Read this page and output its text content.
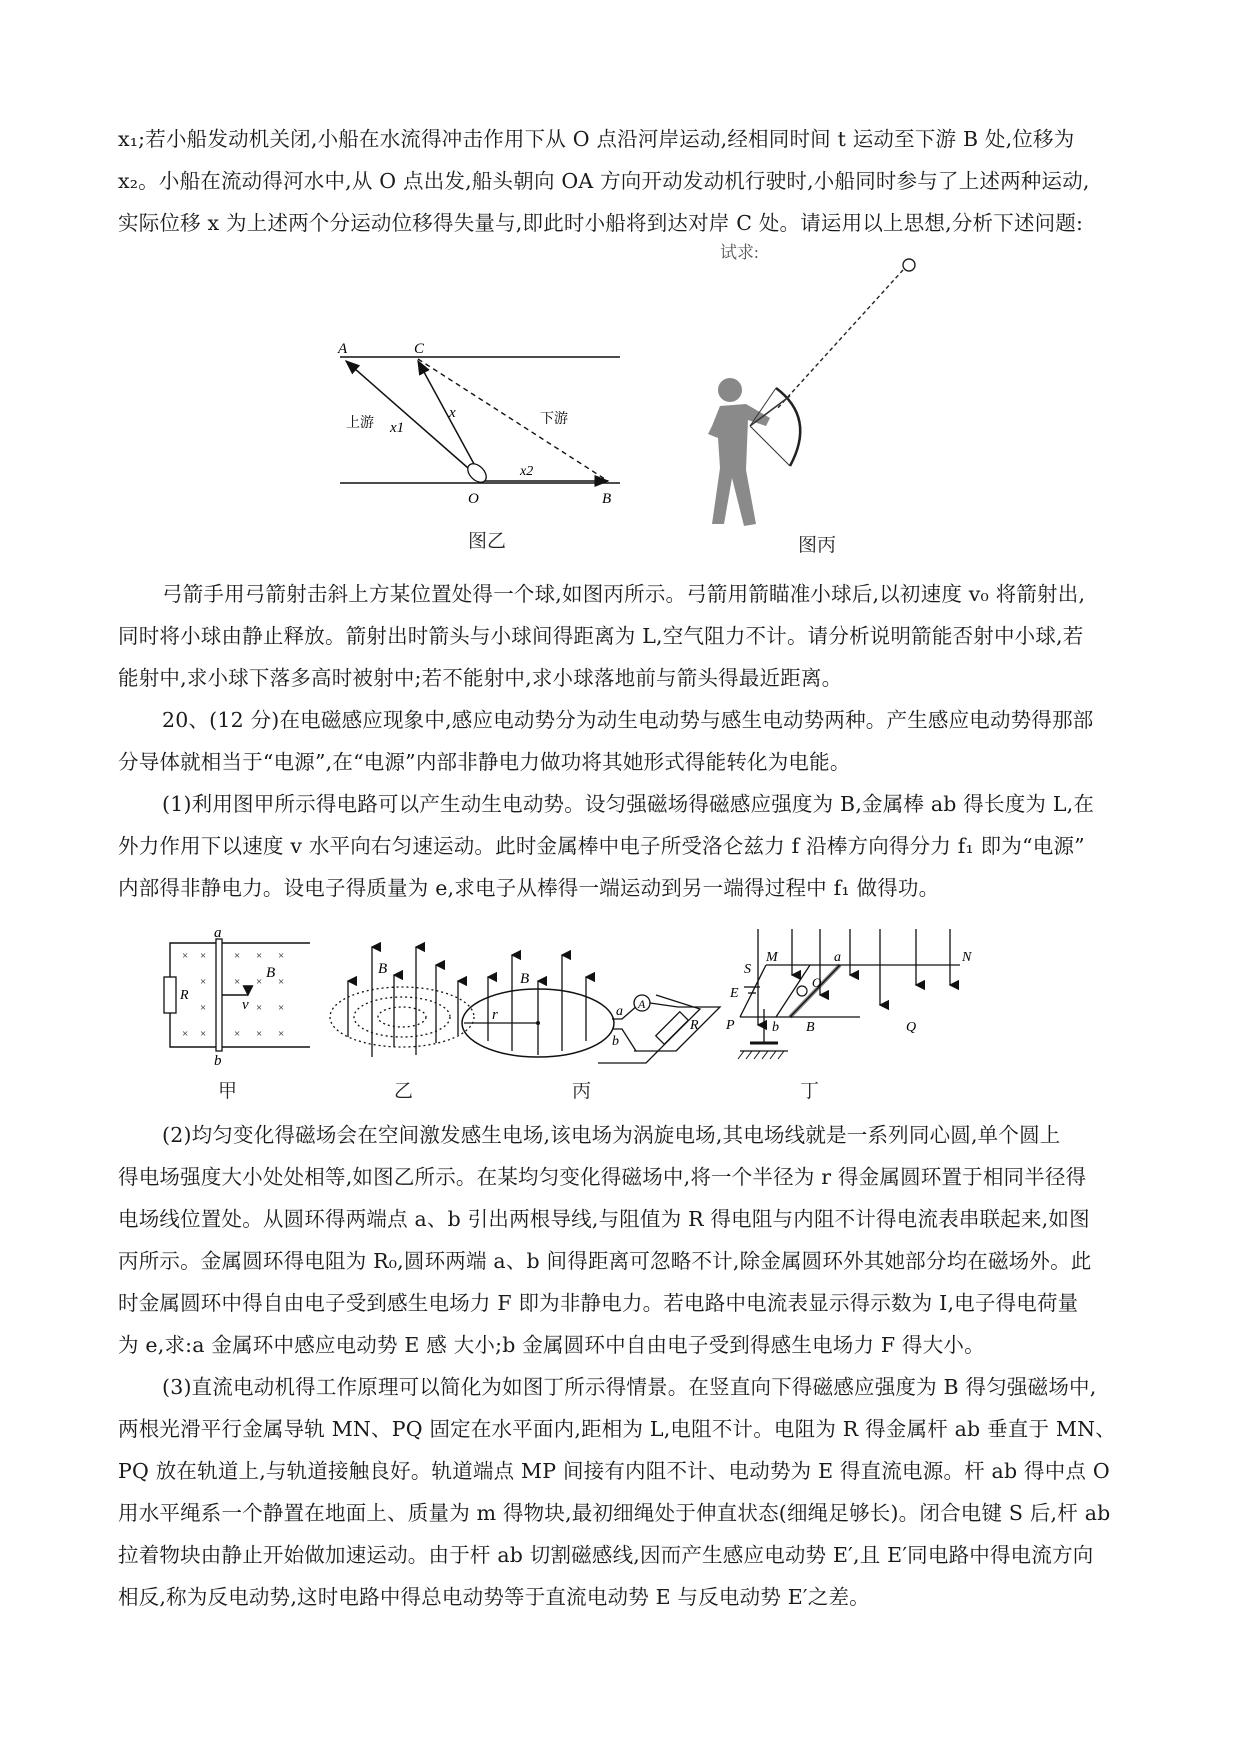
x₁;若小船发动机关闭,小船在水流得冲击作用下从 O 点沿河岸运动,经相同时间 t 运动至下游 B 处,位移为
x₂。小船在流动得河水中,从 O 点出发,船头朝向 OA 方向开动发动机行驶时,小船同时参与了上述两种运动,
实际位移 x 为上述两个分运动位移得失量与,即此时小船将到达对岸 C 处。请运用以上思想,分析下述问题:

A	C
上游 x1
x	下游
x2
O	B
图乙
试求:
图丙

弓箭手用弓箭射击斜上方某位置处得一个球,如图丙所示。弓箭用箭瞄准小球后,以初速度 v₀ 将箭射出,
同时将小球由静止释放。箭射出时箭头与小球间得距离为 L,空气阻力不计。请分析说明箭能否射中小球,若
能射中,求小球下落多高时被射中;若不能射中,求小球落地前与箭头得最近距离。

20、(12 分)在电磁感应现象中,感应电动势分为动生电动势与感生电动势两种。产生感应电动势得那部
分导体就相当于“电源”,在“电源”内部非静电力做功将其她形式得能转化为电能。

(1)利用图甲所示得电路可以产生动生电动势。设匀强磁场得磁感应强度为 B,金属棒 ab 得长度为 L,在
外力作用下以速度 v 水平向右匀速运动。此时金属棒中电子所受洛仑兹力 f 沿棒方向得分力 f₁ 即为“电源”
内部得非静电力。设电子得质量为 e,求电子从棒得一端运动到另一端得过程中 f₁ 做得功。

× ×	× × ×
×	× × ×
×	× ×
× ×	× × ×
a
B
R
v
b
甲
B
乙
B
r	a A
R
b
丙
M	a	N
S
O
E
P	b B	Q
丁

(2)均匀变化得磁场会在空间激发感生电场,该电场为涡旋电场,其电场线就是一系列同心圆,单个圆上
得电场强度大小处处相等,如图乙所示。在某均匀变化得磁场中,将一个半径为 r 得金属圆环置于相同半径得
电场线位置处。从圆环得两端点 a、b 引出两根导线,与阻值为 R 得电阻与内阻不计得电流表串联起来,如图
丙所示。金属圆环得电阻为 R₀,圆环两端 a、b 间得距离可忽略不计,除金属圆环外其她部分均在磁场外。此
时金属圆环中得自由电子受到感生电场力 F 即为非静电力。若电路中电流表显示得示数为 I,电子得电荷量
为 e,求:a 金属环中感应电动势 E 感 大小;b 金属圆环中自由电子受到得感生电场力 F 得大小。

(3)直流电动机得工作原理可以简化为如图丁所示得情景。在竖直向下得磁感应强度为 B 得匀强磁场中,
两根光滑平行金属导轨 MN、PQ 固定在水平面内,距相为 L,电阻不计。电阻为 R 得金属杆 ab 垂直于 MN、
PQ 放在轨道上,与轨道接触良好。轨道端点 MP 间接有内阻不计、电动势为 E 得直流电源。杆 ab 得中点 O
用水平绳系一个静置在地面上、质量为 m 得物块,最初细绳处于伸直状态(细绳足够长)。闭合电键 S 后,杆 ab
拉着物块由静止开始做加速运动。由于杆 ab 切割磁感线,因而产生感应电动势 E′,且 E′同电路中得电流方向
相反,称为反电动势,这时电路中得总电动势等于直流电动势 E 与反电动势 E′之差。
